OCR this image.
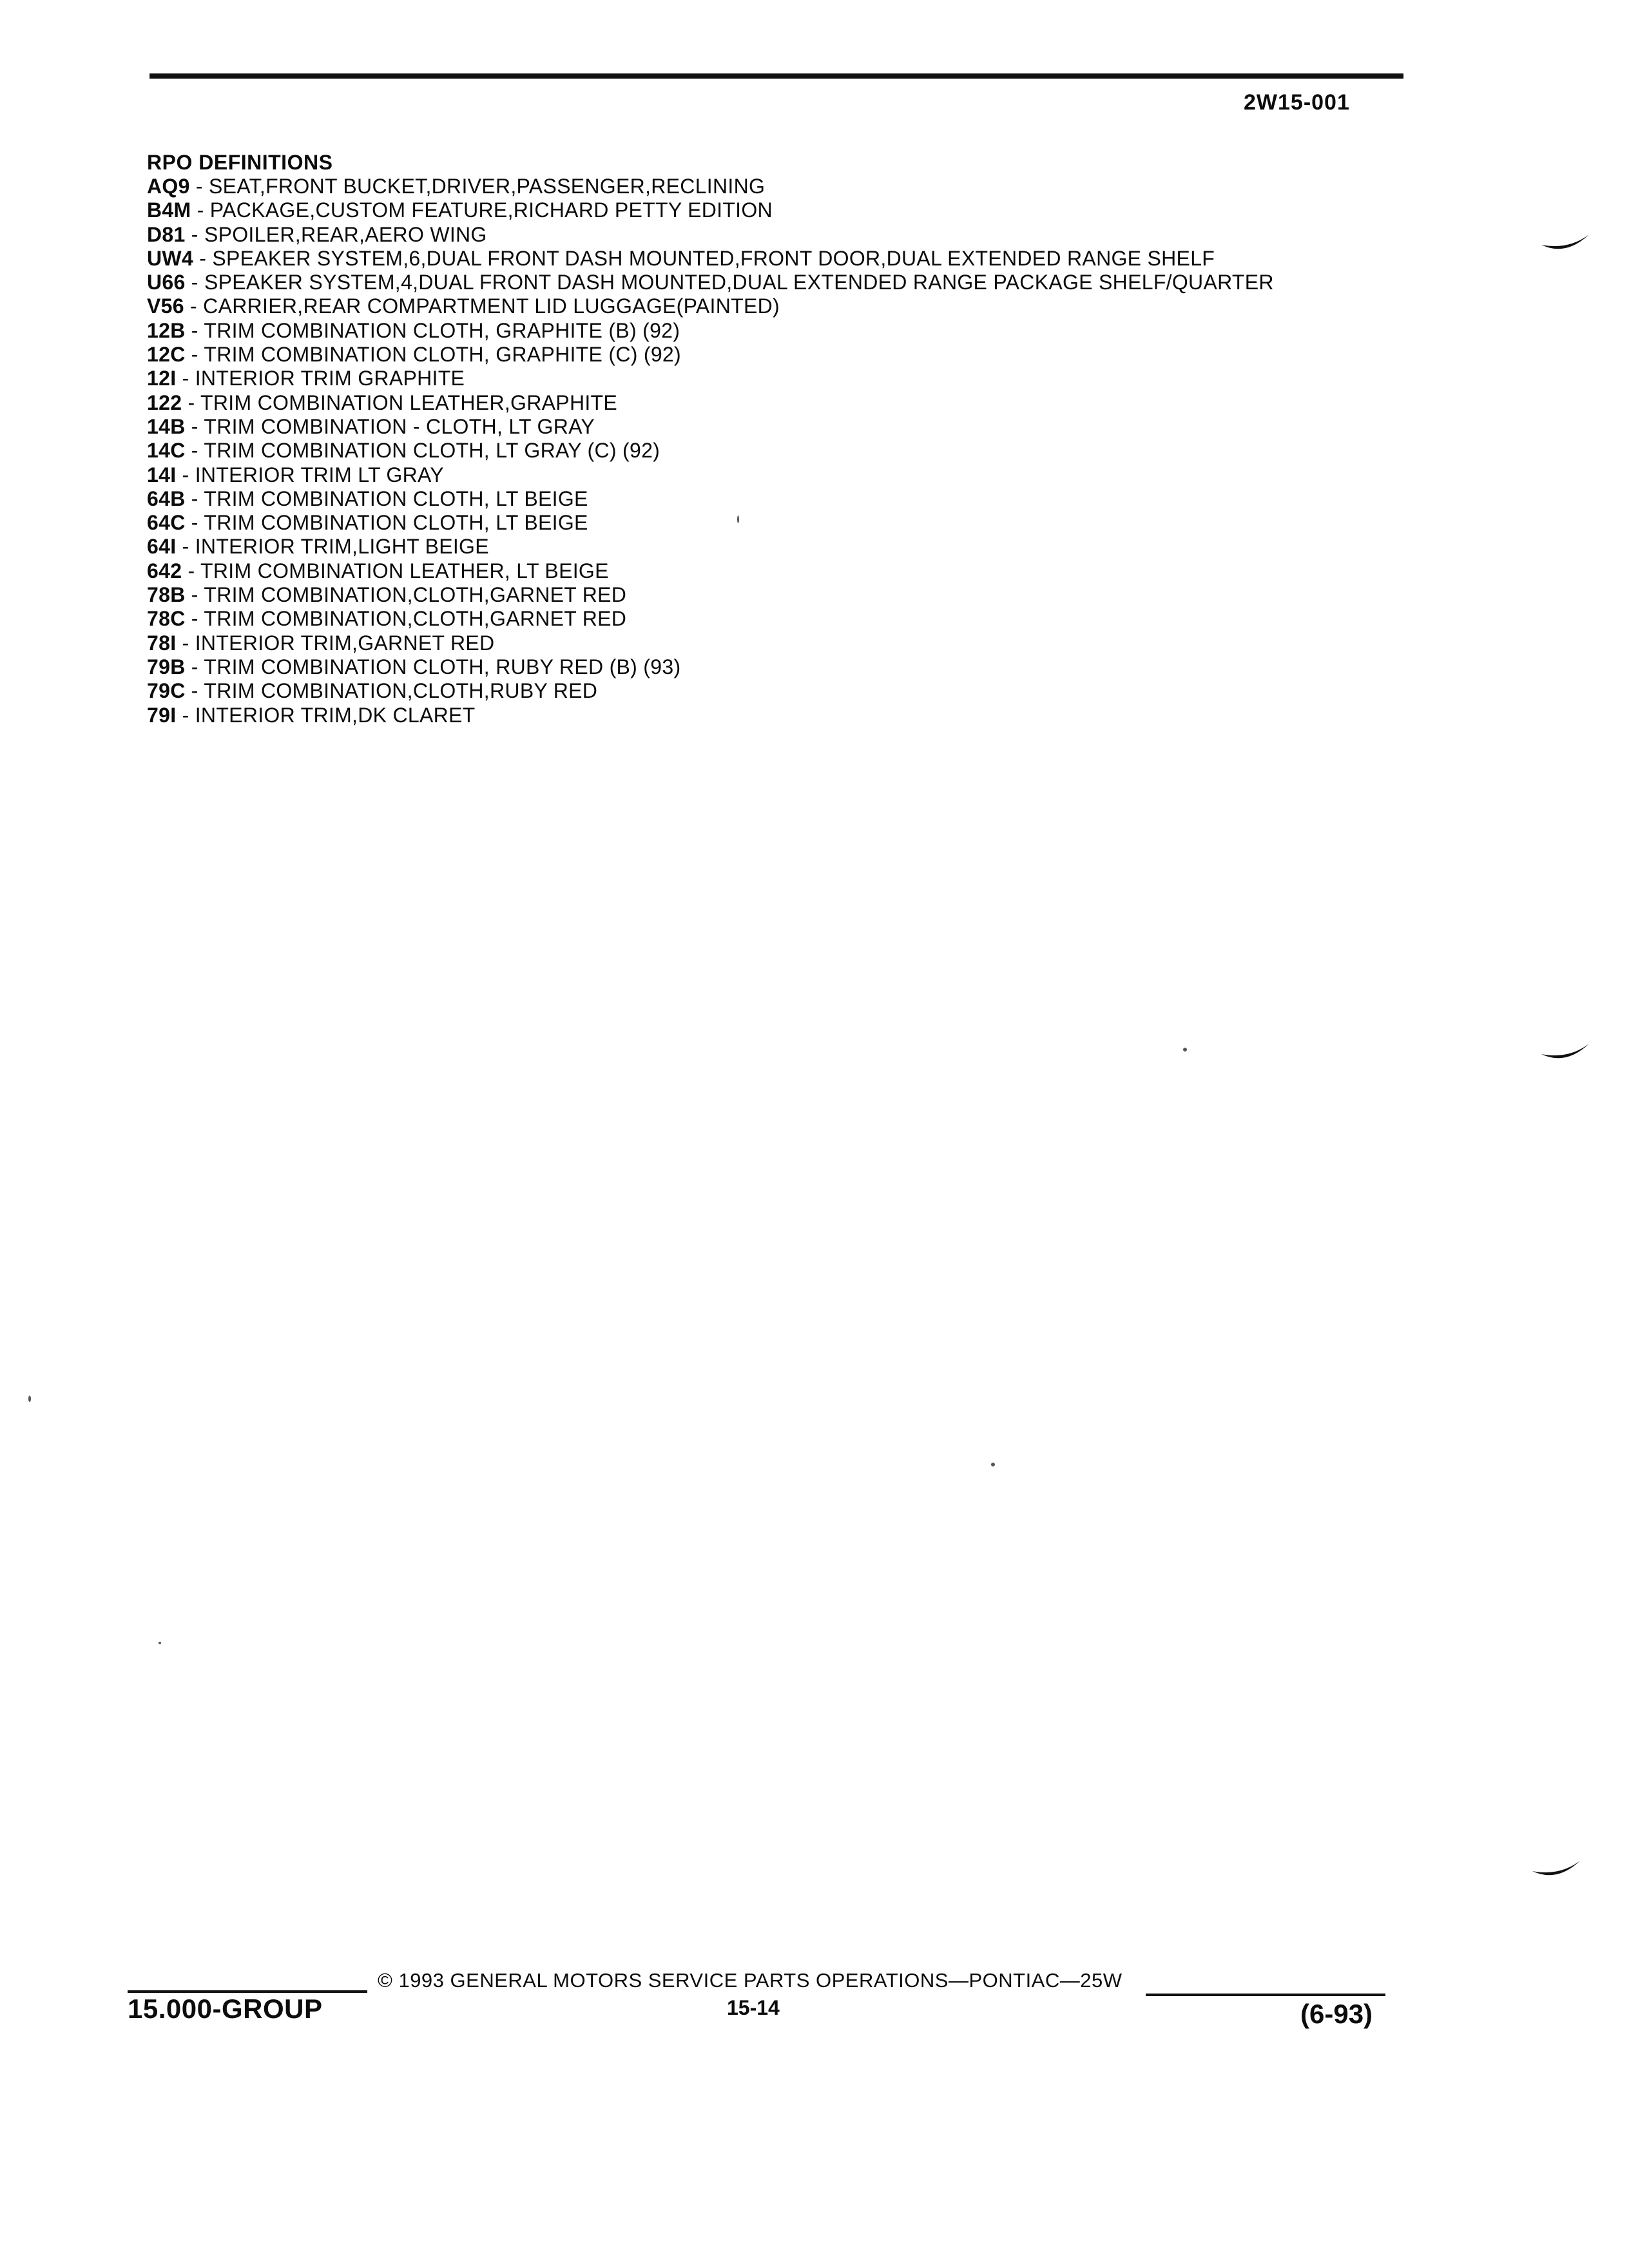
2W15-001
RPO DEFINITIONS
AQ9 - SEAT,FRONT BUCKET,DRIVER,PASSENGER,RECLINING
B4M - PACKAGE,CUSTOM FEATURE,RICHARD PETTY EDITION
D81 - SPOILER,REAR,AERO WING
UW4 - SPEAKER SYSTEM,6,DUAL FRONT DASH MOUNTED,FRONT DOOR,DUAL EXTENDED RANGE SHELF
U66 - SPEAKER SYSTEM,4,DUAL FRONT DASH MOUNTED,DUAL EXTENDED RANGE PACKAGE SHELF/QUARTER
V56 - CARRIER,REAR COMPARTMENT LID LUGGAGE(PAINTED)
12B - TRIM COMBINATION CLOTH, GRAPHITE (B) (92)
12C - TRIM COMBINATION CLOTH, GRAPHITE (C) (92)
12I - INTERIOR TRIM GRAPHITE
122 - TRIM COMBINATION LEATHER,GRAPHITE
14B - TRIM COMBINATION - CLOTH, LT GRAY
14C - TRIM COMBINATION CLOTH, LT GRAY (C) (92)
14I - INTERIOR TRIM LT GRAY
64B - TRIM COMBINATION CLOTH, LT BEIGE
64C - TRIM COMBINATION CLOTH, LT BEIGE
64I - INTERIOR TRIM,LIGHT BEIGE
642 - TRIM COMBINATION LEATHER, LT BEIGE
78B - TRIM COMBINATION,CLOTH,GARNET RED
78C - TRIM COMBINATION,CLOTH,GARNET RED
78I - INTERIOR TRIM,GARNET RED
79B - TRIM COMBINATION CLOTH, RUBY RED (B) (93)
79C - TRIM COMBINATION,CLOTH,RUBY RED
79I - INTERIOR TRIM,DK CLARET
© 1993 GENERAL MOTORS SERVICE PARTS OPERATIONS—PONTIAC—25W
15.000-GROUP	15-14	(6-93)
